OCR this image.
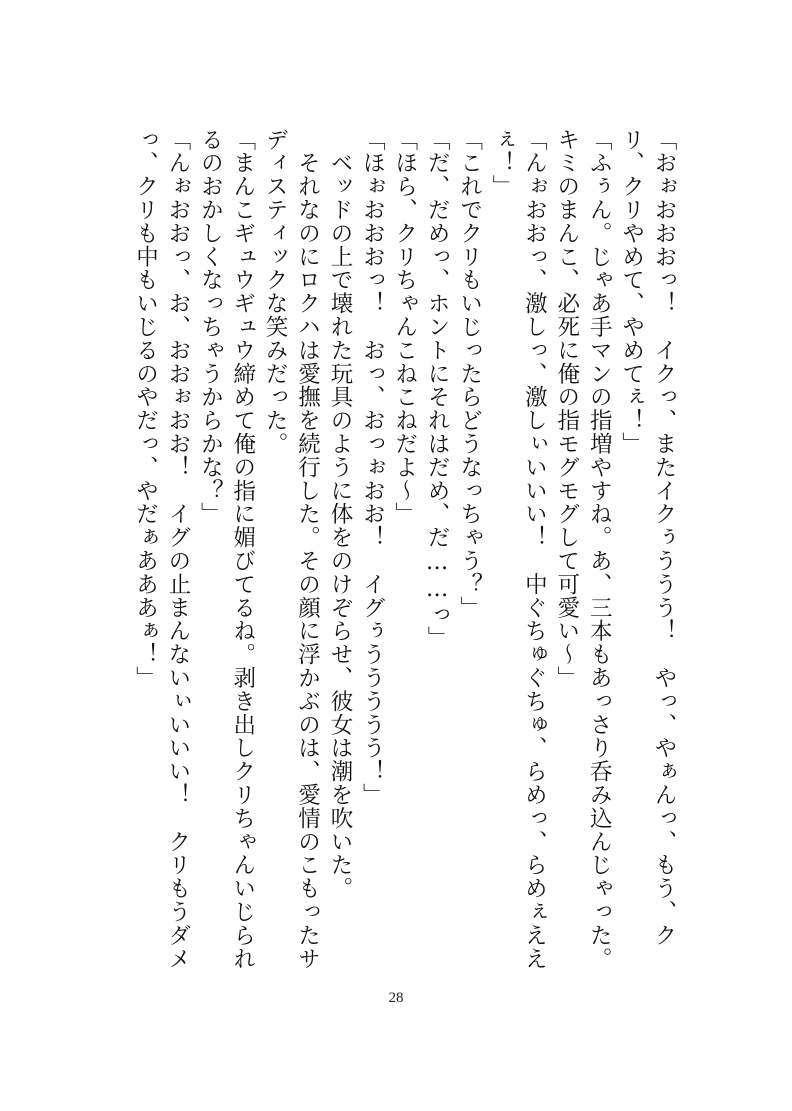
「おぉおおおっ！　イクっ、またイクぅううう！　やっ、やぁんっ、もう、クリ、クリやめて、やめてぇ！」

「ふぅん。じゃあ手マンの指増やすね。あ、三本もあっさり呑み込んじゃった。キミのまんこ、必死に俺の指モグモグして可愛い～」

「んぉおおっ、激しっ、激しぃいいい！　中ぐちゅぐちゅ、らめっ、らめぇええぇ！」

「これでクリもいじったらどうなっちゃう？」

「だ、だめっ、ホントにそれはだめ、だ……っ」

「ほら、クリちゃんこねこねだよ～」

「ほぉおおおっ！　おっ、おっぉおお！　イグぅううううう！」

　ベッドの上で壊れた玩具のように体をのけぞらせ、彼女は潮を吹いた。

　それなのにロクハは愛撫を続行した。その顔に浮かぶのは、愛情のこもったサディスティックな笑みだった。

「まんこギュウギュウ締めて俺の指に媚びてるね。剥き出しクリちゃんいじられるのおかしくなっちゃうからかな？」

「んぉおおっ、お、おおぉおお！　イグの止まんないぃいいい！　クリもうダメっ、クリも中もいじるのやだっ、やだぁあああぁ！」

28
